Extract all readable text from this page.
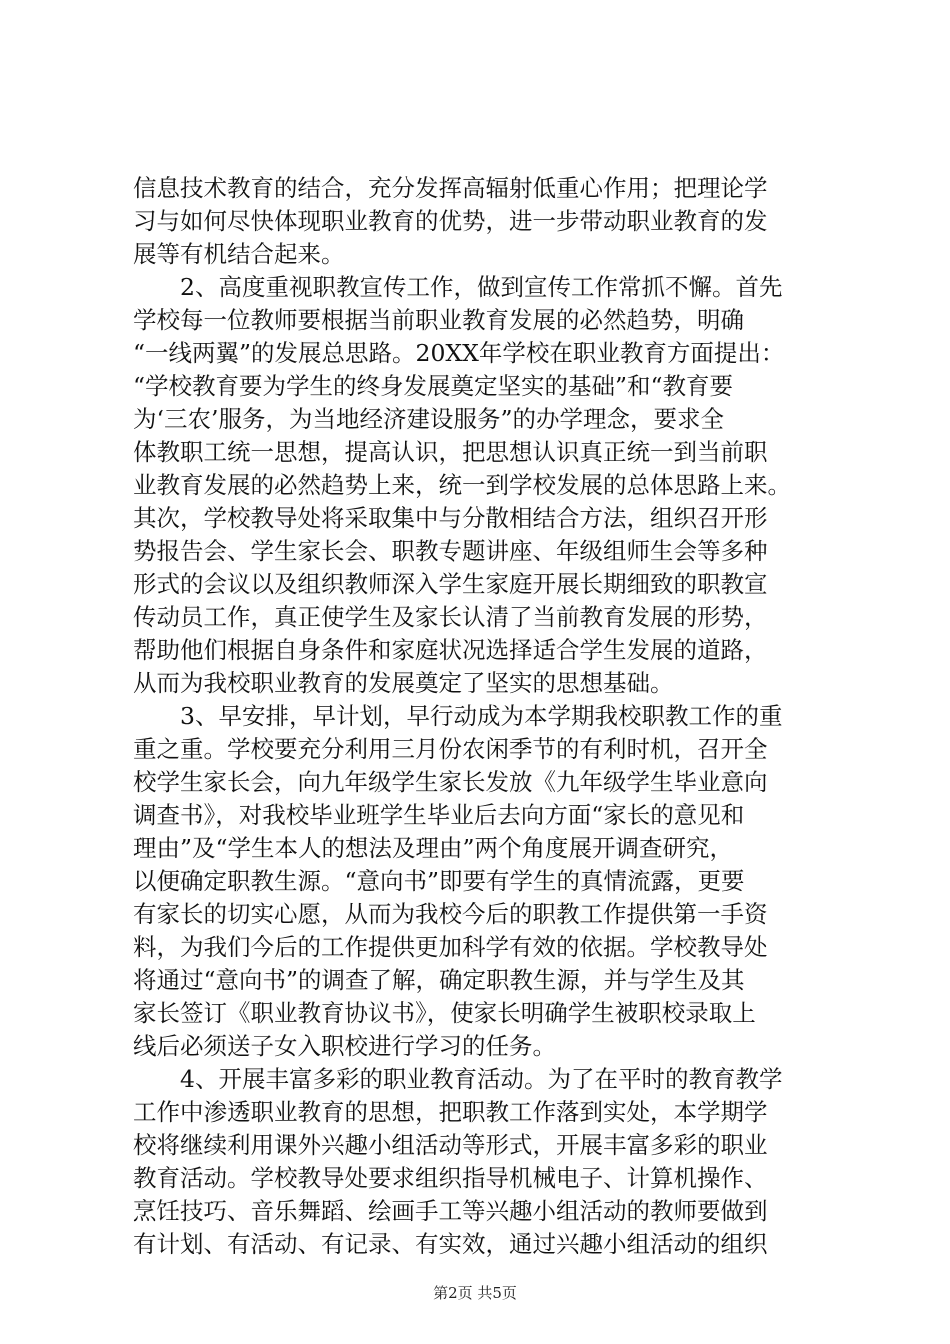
信息技术教育的结合，充分发挥高辐射低重心作用；把理论学
习与如何尽快体现职业教育的优势，进一步带动职业教育的发
展等有机结合起来。
　　2、高度重视职教宣传工作，做到宣传工作常抓不懈。首先
学校每一位教师要根据当前职业教育发展的必然趋势，明确
“一线两翼”的发展总思路。20XX年学校在职业教育方面提出：
“学校教育要为学生的终身发展奠定坚实的基础”和“教育要
为‘三农’服务，为当地经济建设服务”的办学理念，要求全
体教职工统一思想，提高认识，把思想认识真正统一到当前职
业教育发展的必然趋势上来，统一到学校发展的总体思路上来。
其次，学校教导处将采取集中与分散相结合方法，组织召开形
势报告会、学生家长会、职教专题讲座、年级组师生会等多种
形式的会议以及组织教师深入学生家庭开展长期细致的职教宣
传动员工作，真正使学生及家长认清了当前教育发展的形势，
帮助他们根据自身条件和家庭状况选择适合学生发展的道路，
从而为我校职业教育的发展奠定了坚实的思想基础。
　　3、早安排，早计划，早行动成为本学期我校职教工作的重
重之重。学校要充分利用三月份农闲季节的有利时机，召开全
校学生家长会，向九年级学生家长发放《九年级学生毕业意向
调查书》，对我校毕业班学生毕业后去向方面“家长的意见和
理由”及“学生本人的想法及理由”两个角度展开调查研究，
以便确定职教生源。“意向书”即要有学生的真情流露，更要
有家长的切实心愿，从而为我校今后的职教工作提供第一手资
料，为我们今后的工作提供更加科学有效的依据。学校教导处
将通过“意向书”的调查了解，确定职教生源，并与学生及其
家长签订《职业教育协议书》，使家长明确学生被职校录取上
线后必须送子女入职校进行学习的任务。
　　4、开展丰富多彩的职业教育活动。为了在平时的教育教学
工作中渗透职业教育的思想，把职教工作落到实处，本学期学
校将继续利用课外兴趣小组活动等形式，开展丰富多彩的职业
教育活动。学校教导处要求组织指导机械电子、计算机操作、
烹饪技巧、音乐舞蹈、绘画手工等兴趣小组活动的教师要做到
有计划、有活动、有记录、有实效，通过兴趣小组活动的组织
第2页 共5页
